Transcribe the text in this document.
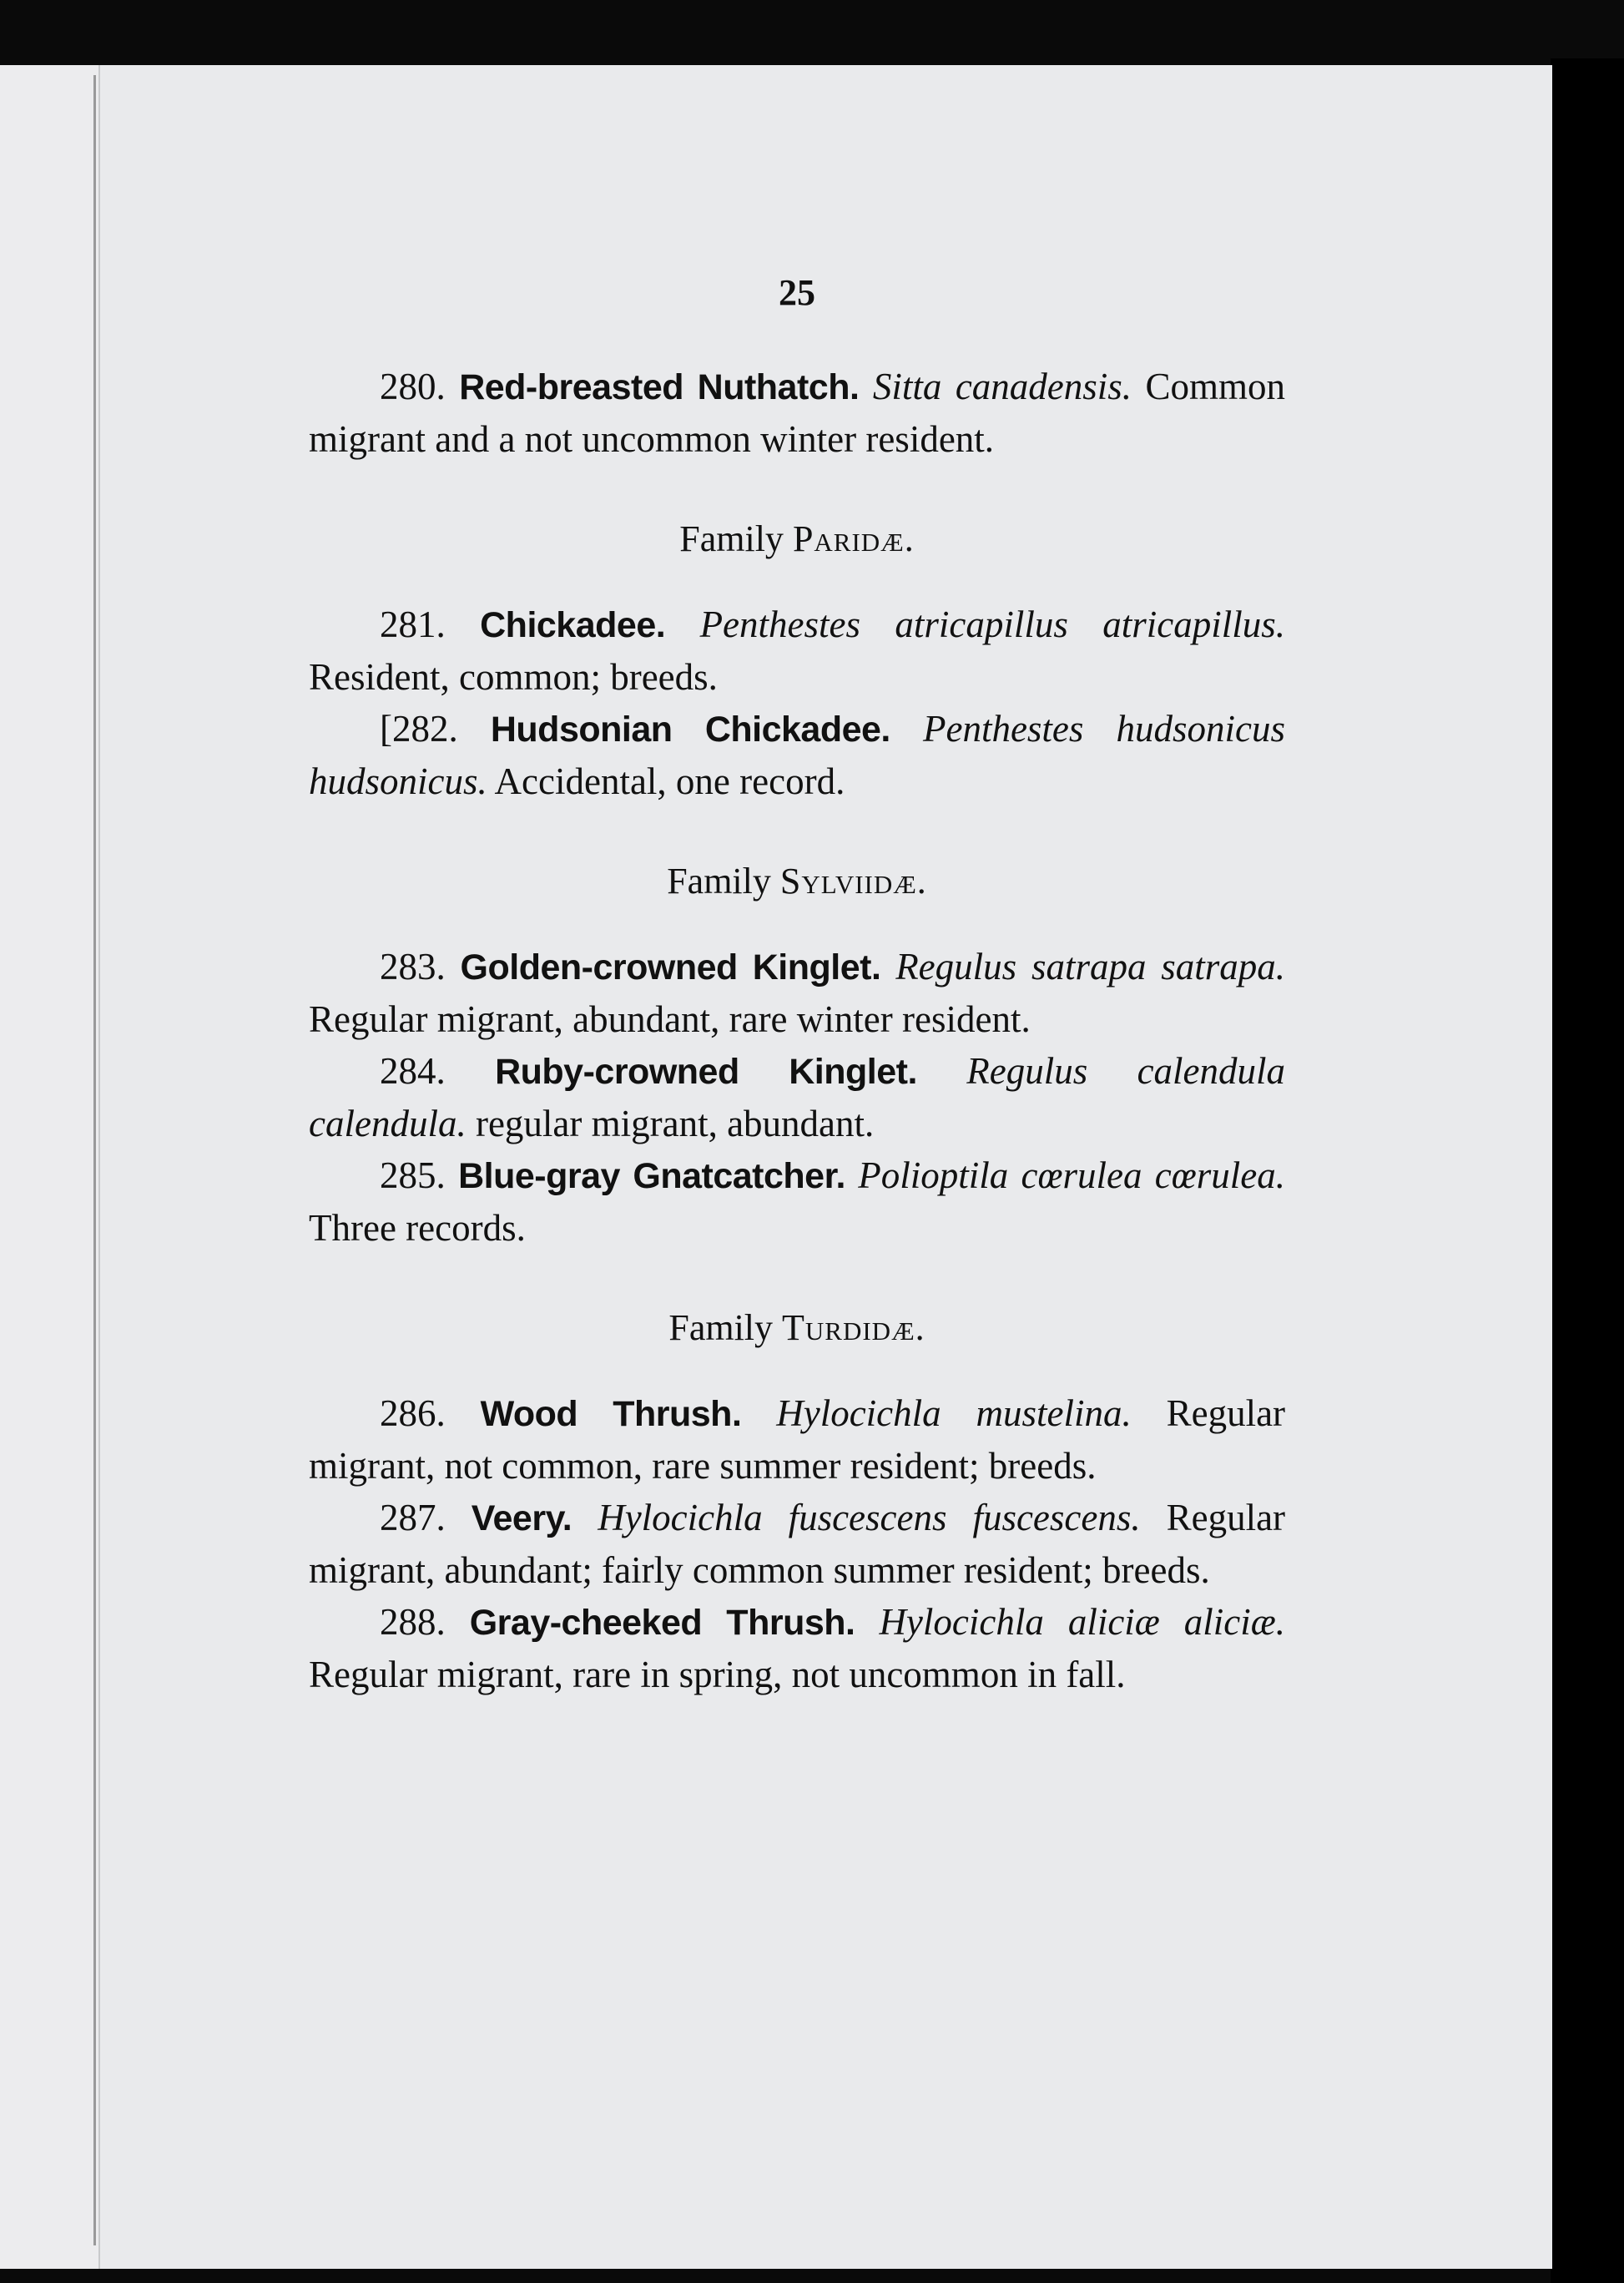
25

280. Red-breasted Nuthatch. Sitta canadensis. Common migrant and a not uncommon winter resident.

Family Paridæ.

281. Chickadee. Penthestes atricapillus atricapillus. Resident, common; breeds.

[282. Hudsonian Chickadee. Penthestes hudsonicus hudsonicus. Accidental, one record.

Family Sylviidæ.

283. Golden-crowned Kinglet. Regulus satrapa satrapa. Regular migrant, abundant, rare winter resident.

284. Ruby-crowned Kinglet. Regulus calendula calendula. regular migrant, abundant.

285. Blue-gray Gnatcatcher. Polioptila cœrulea cœrulea. Three records.

Family Turdidæ.

286. Wood Thrush. Hylocichla mustelina. Regular migrant, not common, rare summer resident; breeds.

287. Veery. Hylocichla fuscescens fuscescens. Regular migrant, abundant; fairly common summer resident; breeds.

288. Gray-cheeked Thrush. Hylocichla aliciæ aliciæ. Regular migrant, rare in spring, not uncommon in fall.
